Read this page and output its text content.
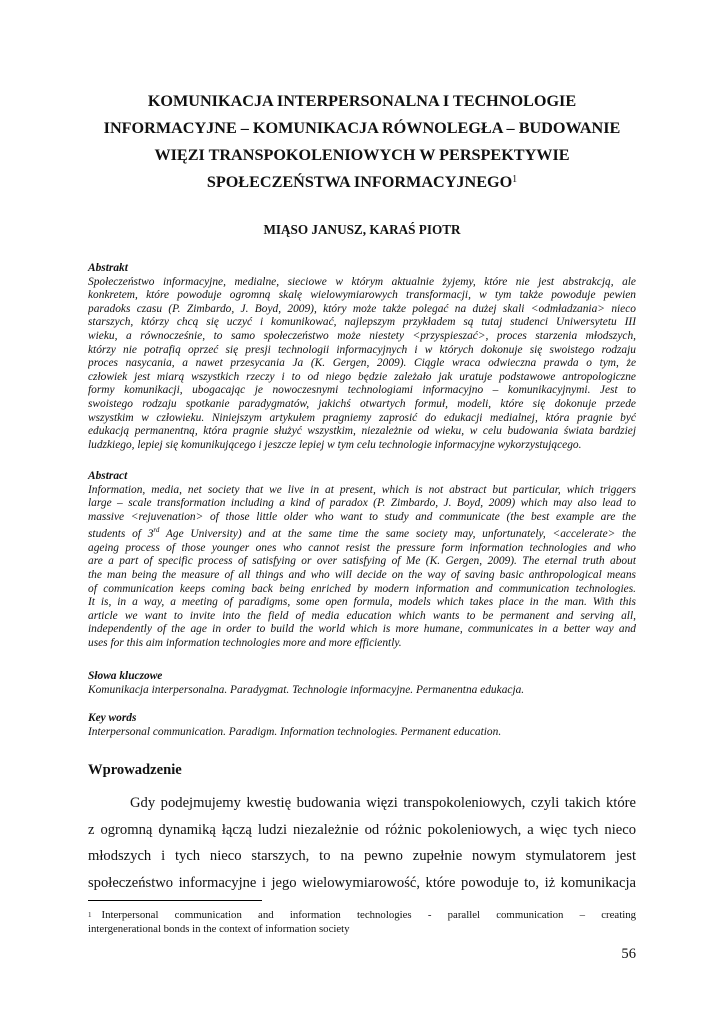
KOMUNIKACJA INTERPERSONALNA I TECHNOLOGIE
INFORMACYJNE – KOMUNIKACJA RÓWNOLEGŁA – BUDOWANIE
WIĘZI TRANSPOKOLENIOWYCH W PERSPEKTYWIE
SPOŁECZEŃSTWA INFORMACYJNEGO$^1$
MIĄSO JANUSZ, KARAŚ PIOTR
Abstrakt
Społeczeństwo informacyjne, medialne, sieciowe w którym aktualnie żyjemy, które nie jest abstrakcją, ale
konkretem, które powoduje ogromną skalę wielowymiarowych transformacji, w tym także powoduje pewien
paradoks czasu (P. Zimbardo, J. Boyd, 2009), który może także polegać na dużej skali <odmładzania> nieco
starszych, którzy chcą się uczyć i komunikować, najlepszym przykładem są tutaj studenci Uniwersytetu III
wieku, a równocześnie, to samo społeczeństwo może niestety <przyspieszać>, proces starzenia młodszych,
którzy nie potrafią oprzeć się presji technologii informacyjnych i w których dokonuje się swoistego rodzaju
proces nasycania, a nawet przesycania Ja (K. Gergen, 2009). Ciągle wraca odwieczna prawda o tym, że
człowiek jest miarą wszystkich rzeczy i to od niego będzie zależało jak uratuje podstawowe antropologiczne
formy komunikacji, ubogacając je nowoczesnymi technologiami informacyjno – komunikacyjnymi. Jest to
swoistego rodzaju spotkanie paradygmatów, jakichś otwartych formuł, modeli, które się dokonuje przede
wszystkim w człowieku. Niniejszym artykułem pragniemy zaprosić do edukacji medialnej, która pragnie być
edukacją permanentną, która pragnie służyć wszystkim, niezależnie od wieku, w celu budowania świata bardziej
ludzkiego, lepiej się komunikującego i jeszcze lepiej w tym celu technologie informacyjne wykorzystującego.
Abstract
Information, media, net society that we live in at present, which is not abstract but particular, which triggers
large – scale transformation including a kind of paradox (P. Zimbardo, J. Boyd, 2009) which may also lead to
massive <rejuvenation> of those little older who want to study and communicate (the best example are the
students of 3rd Age University) and at the same time the same society may, unfortunately, <accelerate> the
ageing process of those younger ones who cannot resist the pressure form information technologies and who
are a part of specific process of satisfying or over satisfying of Me (K. Gergen, 2009). The eternal truth about
the man being the measure of all things and who will decide on the way of saving basic anthropological means
of communication keeps coming back being enriched by modern information and communication technologies.
It is, in a way, a meeting of paradigms, some open formula, models which takes place in the man. With this
article we want to invite into the field of media education which wants to be permanent and serving all,
independently of the age in order to build the world which is more humane, communicates in a better way and
uses for this aim information technologies more and more efficiently.
Słowa kluczowe
Komunikacja interpersonalna. Paradygmat. Technologie informacyjne. Permanentna edukacja.
Key words
Interpersonal communication. Paradigm. Information technologies. Permanent education.
Wprowadzenie
Gdy podejmujemy kwestię budowania więzi transpokoleniowych, czyli takich które
z ogromną dynamiką łączą ludzi niezależnie od różnic pokoleniowych, a więc tych nieco
młodszych i tych nieco starszych, to na pewno zupełnie nowym stymulatorem jest
społeczeństwo informacyjne i jego wielowymiarowość, które powoduje to, iż komunikacja
$^1$ Interpersonal communication and information technologies - parallel communication – creating
intergenerational bonds in the context of information society
56
